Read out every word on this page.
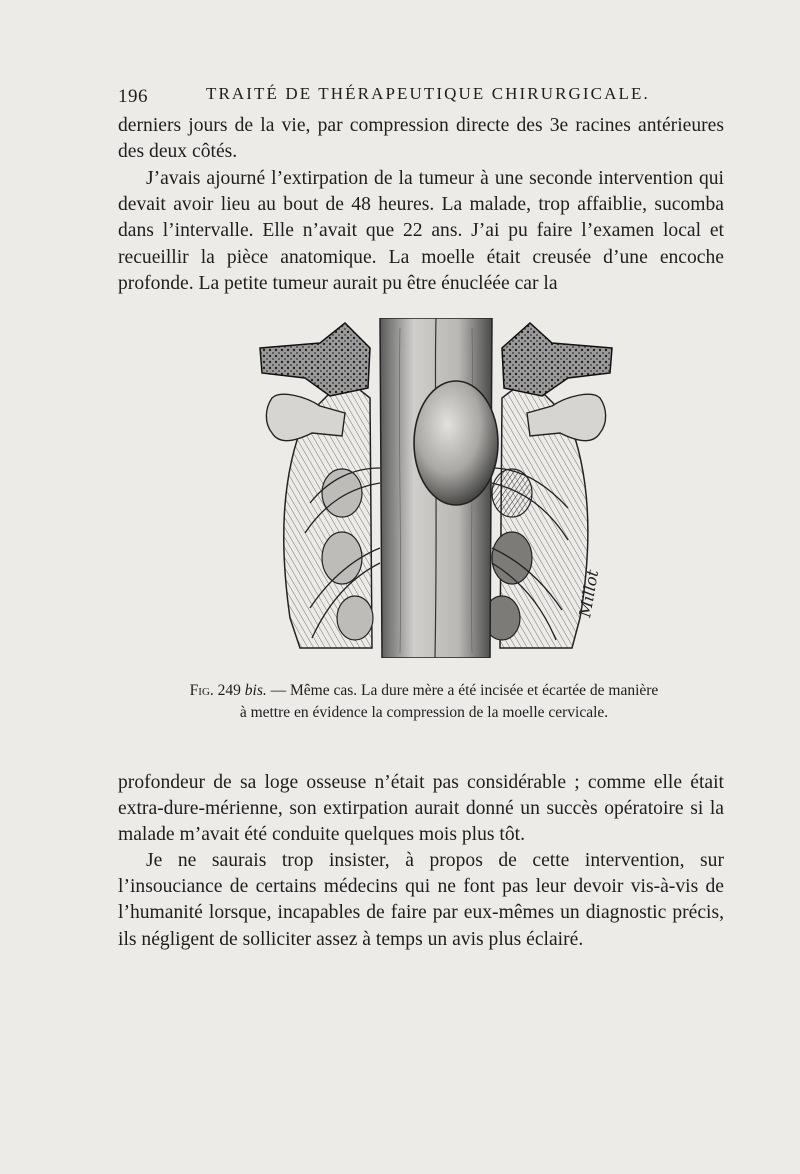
196	TRAITÉ DE THÉRAPEUTIQUE CHIRURGICALE.

derniers jours de la vie, par compression directe des 3e racines antérieures des deux côtés.

J’avais ajourné l’extirpation de la tumeur à une seconde intervention qui devait avoir lieu au bout de 48 heures. La malade, trop affaiblie, sucomba dans l’intervalle. Elle n’avait que 22 ans. J’ai pu faire l’examen local et recueillir la pièce anatomique. La moelle était creusée d’une encoche profonde. La petite tumeur aurait pu être énucléée car la

Millot

Fig. 249 bis. — Même cas. La dure mère a été incisée et écartée de manière à mettre en évidence la compression de la moelle cervicale.

profondeur de sa loge osseuse n’était pas considérable ; comme elle était extra-dure-mérienne, son extirpation aurait donné un succès opératoire si la malade m’avait été conduite quelques mois plus tôt.

Je ne saurais trop insister, à propos de cette intervention, sur l’insouciance de certains médecins qui ne font pas leur devoir vis-à-vis de l’humanité lorsque, incapables de faire par eux-mêmes un diagnostic précis, ils négligent de solliciter assez à temps un avis plus éclairé.
